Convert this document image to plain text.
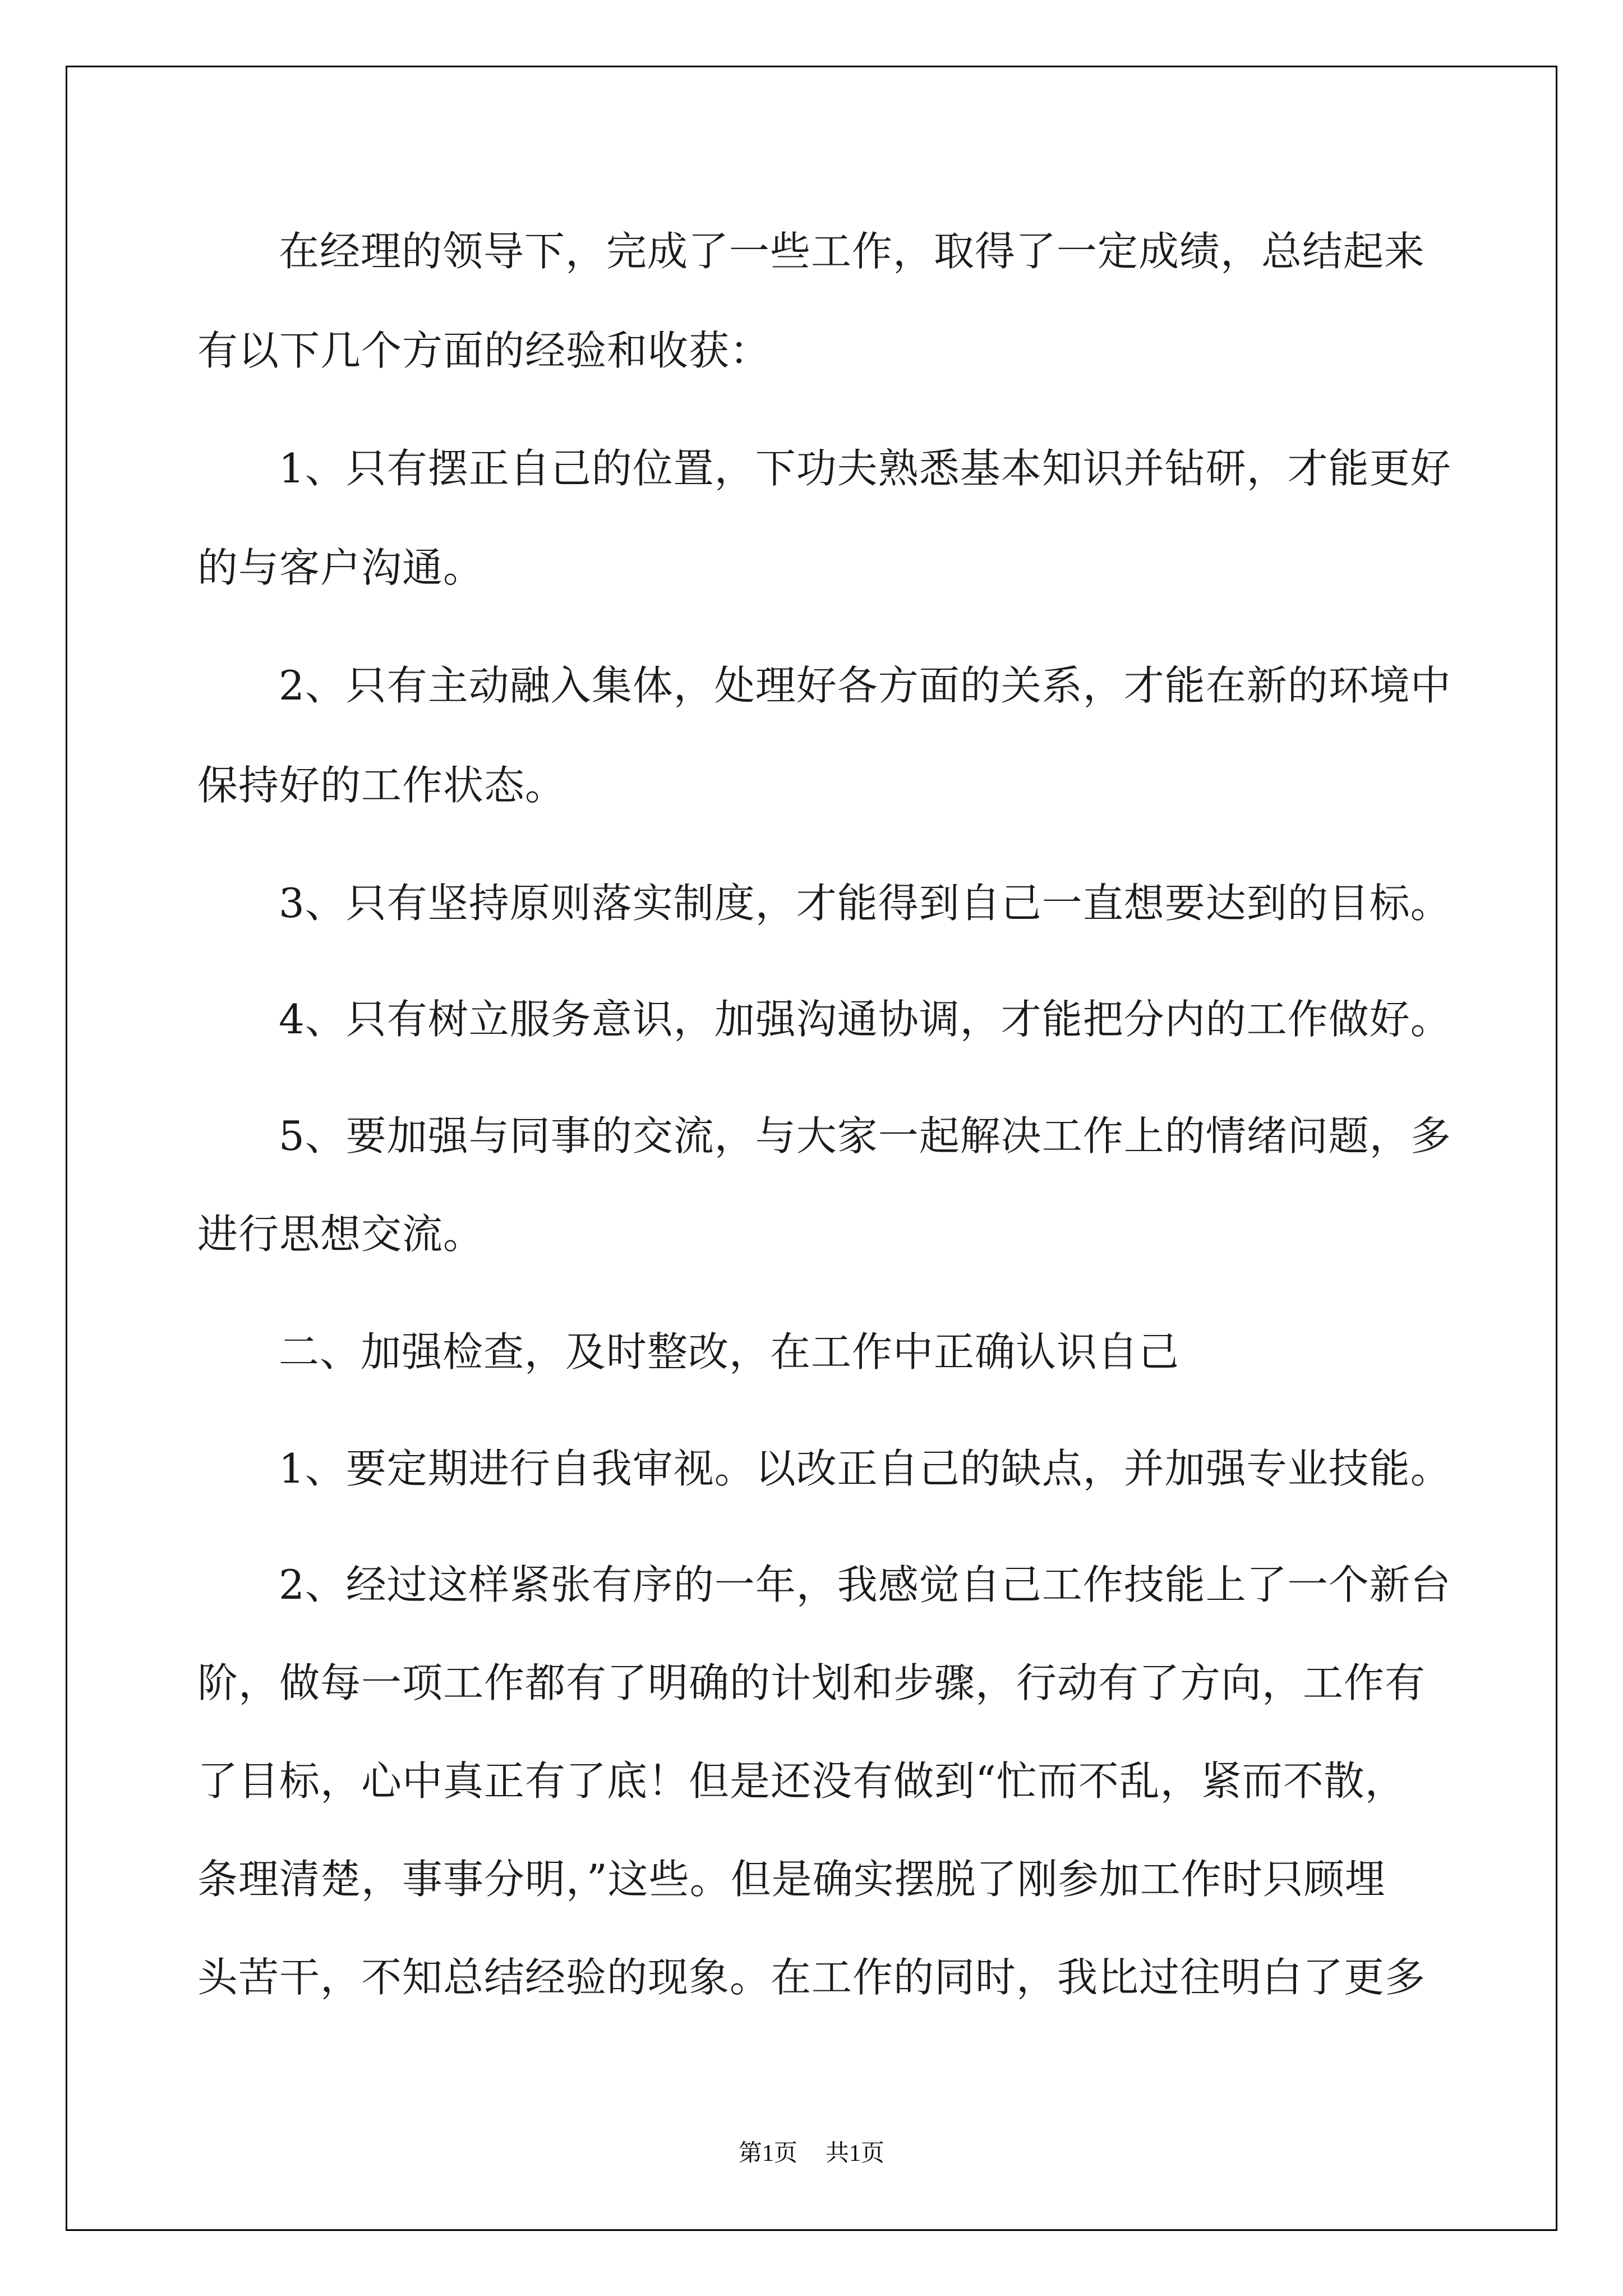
在经理的领导下，完成了一些工作，取得了一定成绩，总结起来
有以下几个方面的经验和收获：
1、只有摆正自己的位置，下功夫熟悉基本知识并钻研，才能更好
的与客户沟通。
2、只有主动融入集体，处理好各方面的关系，才能在新的环境中
保持好的工作状态。
3、只有坚持原则落实制度，才能得到自己一直想要达到的目标。
4、只有树立服务意识，加强沟通协调，才能把分内的工作做好。
5、要加强与同事的交流，与大家一起解决工作上的情绪问题，多
进行思想交流。
二、加强检查，及时整改，在工作中正确认识自己
1、要定期进行自我审视。以改正自己的缺点，并加强专业技能。
2、经过这样紧张有序的一年，我感觉自己工作技能上了一个新台
阶，做每一项工作都有了明确的计划和步骤，行动有了方向，工作有
了目标，心中真正有了底！但是还没有做到“忙而不乱，紧而不散，
条理清楚，事事分明，”这些。但是确实摆脱了刚参加工作时只顾埋
头苦干，不知总结经验的现象。在工作的同时，我比过往明白了更多
第1页 共1页
